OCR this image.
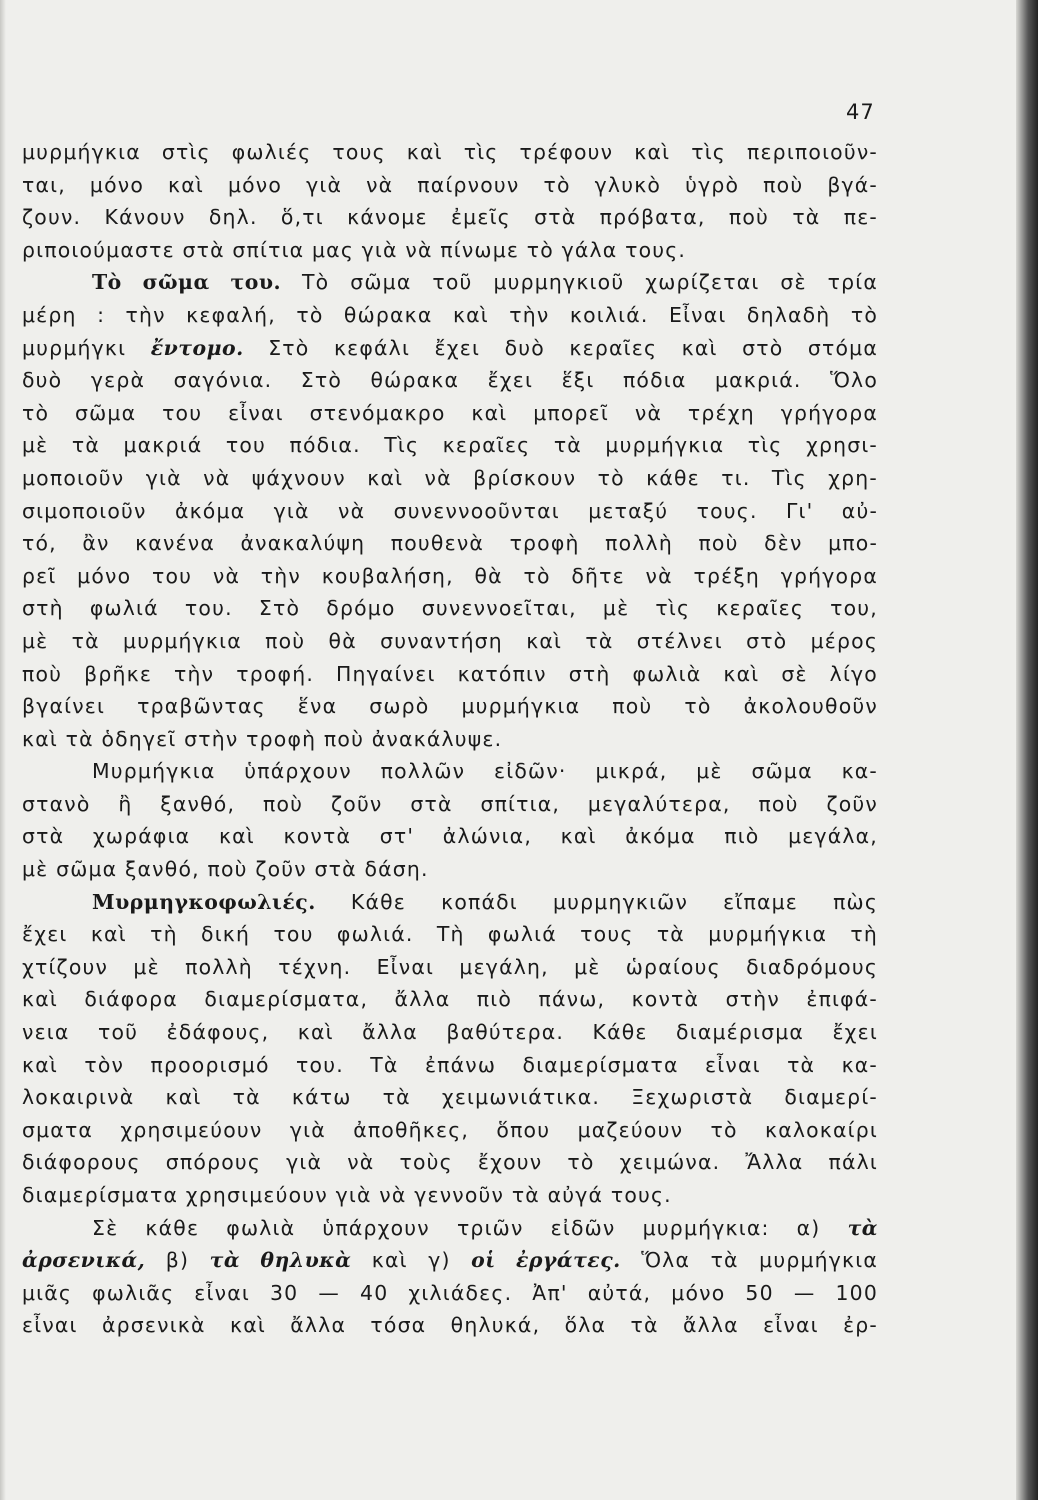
47
μυρμήγκια στὶς φωλιές τους καὶ τὶς τρέφουν καὶ τὶς περιποιοῦν-
ται, μόνο καὶ μόνο γιὰ νὰ παίρνουν τὸ γλυκὸ ὑγρὸ ποὺ βγά-
ζουν. Κάνουν δηλ. ὅ,τι κάνομε ἐμεῖς στὰ πρόβατα, ποὺ τὰ πε-
ριποιούμαστε στὰ σπίτια μας γιὰ νὰ πίνωμε τὸ γάλα τους.
Τὸ σῶμα του. Τὸ σῶμα τοῦ μυρμηγκιοῦ χωρίζεται σὲ τρία
μέρη : τὴν κεφαλή, τὸ θώρακα καὶ τὴν κοιλιά. Εἶναι δηλαδὴ τὸ
μυρμήγκι ἔντομο. Στὸ κεφάλι ἔχει δυὸ κεραῖες καὶ στὸ στόμα
δυὸ γερὰ σαγόνια. Στὸ θώρακα ἔχει ἕξι πόδια μακριά. Ὅλο
τὸ σῶμα του εἶναι στενόμακρο καὶ μπορεῖ νὰ τρέχη γρήγορα
μὲ τὰ μακριά του πόδια. Τὶς κεραῖες τὰ μυρμήγκια τὶς χρησι-
μοποιοῦν γιὰ νὰ ψάχνουν καὶ νὰ βρίσκουν τὸ κάθε τι. Τὶς χρη-
σιμοποιοῦν ἀκόμα γιὰ νὰ συνεννοοῦνται μεταξύ τους. Γι' αὐ-
τό, ἂν κανένα ἀνακαλύψη πουθενὰ τροφὴ πολλὴ ποὺ δὲν μπο-
ρεῖ μόνο του νὰ τὴν κουβαλήση, θὰ τὸ δῆτε νὰ τρέξη γρήγορα
στὴ φωλιά του. Στὸ δρόμο συνεννοεῖται, μὲ τὶς κεραῖες του,
μὲ τὰ μυρμήγκια ποὺ θὰ συναντήση καὶ τὰ στέλνει στὸ μέρος
ποὺ βρῆκε τὴν τροφή. Πηγαίνει κατόπιν στὴ φωλιὰ καὶ σὲ λίγο
βγαίνει τραβῶντας ἕνα σωρὸ μυρμήγκια ποὺ τὸ ἀκολουθοῦν
καὶ τὰ ὁδηγεῖ στὴν τροφὴ ποὺ ἀνακάλυψε.
Μυρμήγκια ὑπάρχουν πολλῶν εἰδῶν· μικρά, μὲ σῶμα κα-
στανὸ ἢ ξανθό, ποὺ ζοῦν στὰ σπίτια, μεγαλύτερα, ποὺ ζοῦν
στὰ χωράφια καὶ κοντὰ στ' ἀλώνια, καὶ ἀκόμα πιὸ μεγάλα,
μὲ σῶμα ξανθό, ποὺ ζοῦν στὰ δάση.
Μυρμηγκοφωλιές. Κάθε κοπάδι μυρμηγκιῶν εἴπαμε πὼς
ἔχει καὶ τὴ δική του φωλιά. Τὴ φωλιά τους τὰ μυρμήγκια τὴ
χτίζουν μὲ πολλὴ τέχνη. Εἶναι μεγάλη, μὲ ὡραίους διαδρόμους
καὶ διάφορα διαμερίσματα, ἄλλα πιὸ πάνω, κοντὰ στὴν ἐπιφά-
νεια τοῦ ἐδάφους, καὶ ἄλλα βαθύτερα. Κάθε διαμέρισμα ἔχει
καὶ τὸν προορισμό του. Τὰ ἐπάνω διαμερίσματα εἶναι τὰ κα-
λοκαιρινὰ καὶ τὰ κάτω τὰ χειμωνιάτικα. Ξεχωριστὰ διαμερί-
σματα χρησιμεύουν γιὰ ἀποθῆκες, ὅπου μαζεύουν τὸ καλοκαίρι
διάφορους σπόρους γιὰ νὰ τοὺς ἔχουν τὸ χειμώνα. Ἄλλα πάλι
διαμερίσματα χρησιμεύουν γιὰ νὰ γεννοῦν τὰ αὐγά τους.
Σὲ κάθε φωλιὰ ὑπάρχουν τριῶν εἰδῶν μυρμήγκια: α) τὰ
ἀρσενικά, β) τὰ θηλυκὰ καὶ γ) οἱ ἐργάτες. Ὅλα τὰ μυρμήγκια
μιᾶς φωλιᾶς εἶναι 30 — 40 χιλιάδες. Ἀπ' αὐτά, μόνο 50 — 100
εἶναι ἀρσενικὰ καὶ ἄλλα τόσα θηλυκά, ὅλα τὰ ἄλλα εἶναι ἐρ-
